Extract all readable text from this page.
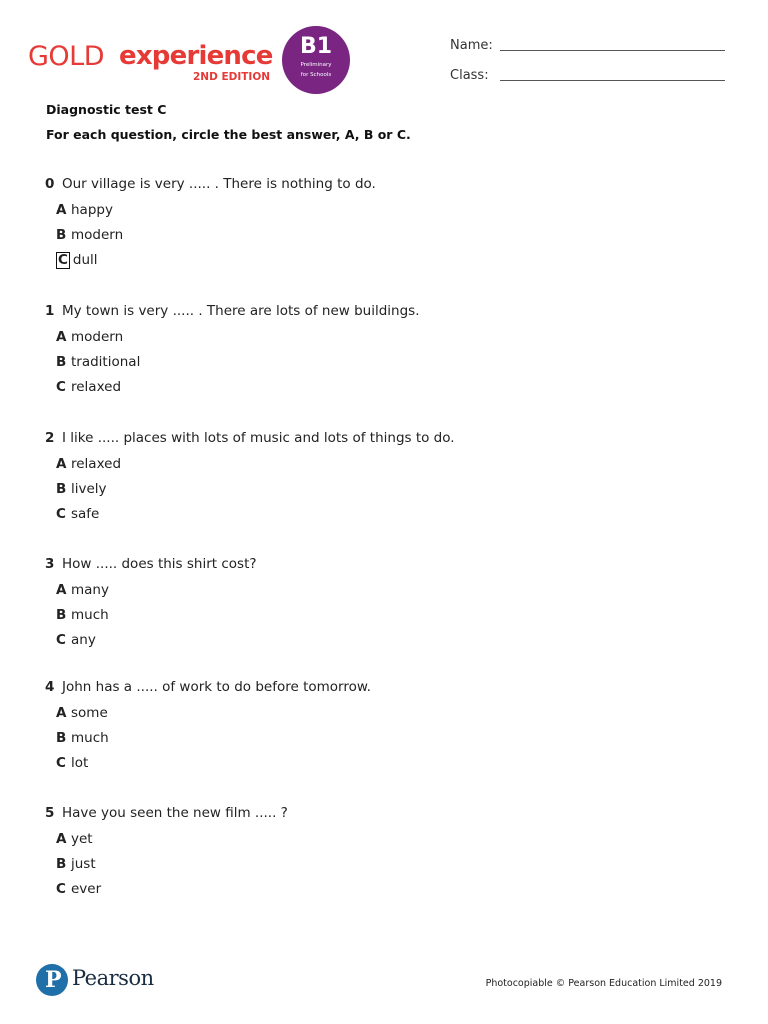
GOLD experience
2ND EDITION
B1
Preliminary
for Schools
Name:
Class:
Diagnostic test C
For each question, circle the best answer, A, B or C.
0 Our village is very ..... . There is nothing to do.
A happy
B modern
C dull
1 My town is very ..... . There are lots of new buildings.
A modern
B traditional
C relaxed
2 I like ..... places with lots of music and lots of things to do.
A relaxed
B lively
C safe
3 How ..... does this shirt cost?
A many
B much
C any
4 John has a ..... of work to do before tomorrow.
A some
B much
C lot
5 Have you seen the new film ..... ?
A yet
B just
C ever
P Pearson	Photocopiable © Pearson Education Limited 2019
